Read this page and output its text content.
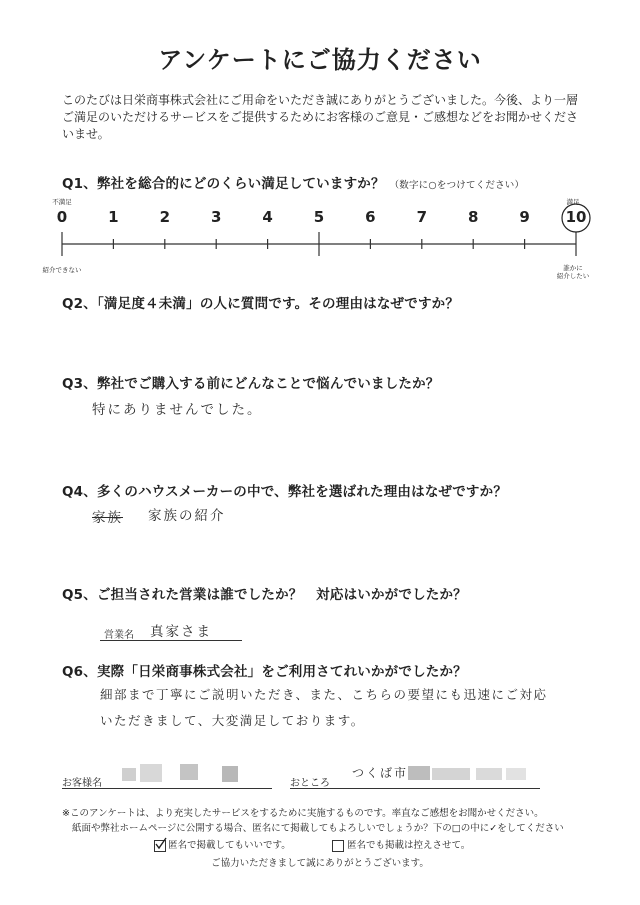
アンケートにご協力ください
このたびは日栄商事株式会社にご用命をいただき誠にありがとうございました。今後、より一層ご満足のいただけるサービスをご提供するためにお客様のご意見・ご感想などをお聞かせくださいませ。
Q1、弊社を総合的にどのくらい満足していますか？ （数字に○をつけてください）
不満足	満足
0	1	2	3	4	5	6	7	8	9	10
紹介できない	誰かに
紹介したい
Q2、「満足度４未満」の人に質問です。その理由はなぜですか？
Q3、弊社でご購入する前にどんなことで悩んでいましたか？
特にありませんでした。
Q4、多くのハウスメーカーの中で、弊社を選ばれた理由はなぜですか？
家族 家族の紹介
Q5、ご担当された営業は誰でしたか？　対応はいかがでしたか？
営業名 真家さま
Q6、実際「日栄商事株式会社」をご利用さてれいかがでしたか？
細部まで丁寧にご説明いただき、また、こちらの要望にも迅速にご対応
いただきまして、大変満足しております。
お客様名	おところ
つくば市
※このアンケートは、より充実したサービスをするために実施するものです。率直なご感想をお聞かせください。
紙面や弊社ホームページに公開する場合、匿名にて掲載してもよろしいでしょうか？下の□の中に✓をしてください
匿名で掲載してもいいです。	匿名でも掲載は控えさせて。
ご協力いただきまして誠にありがとうございます。
